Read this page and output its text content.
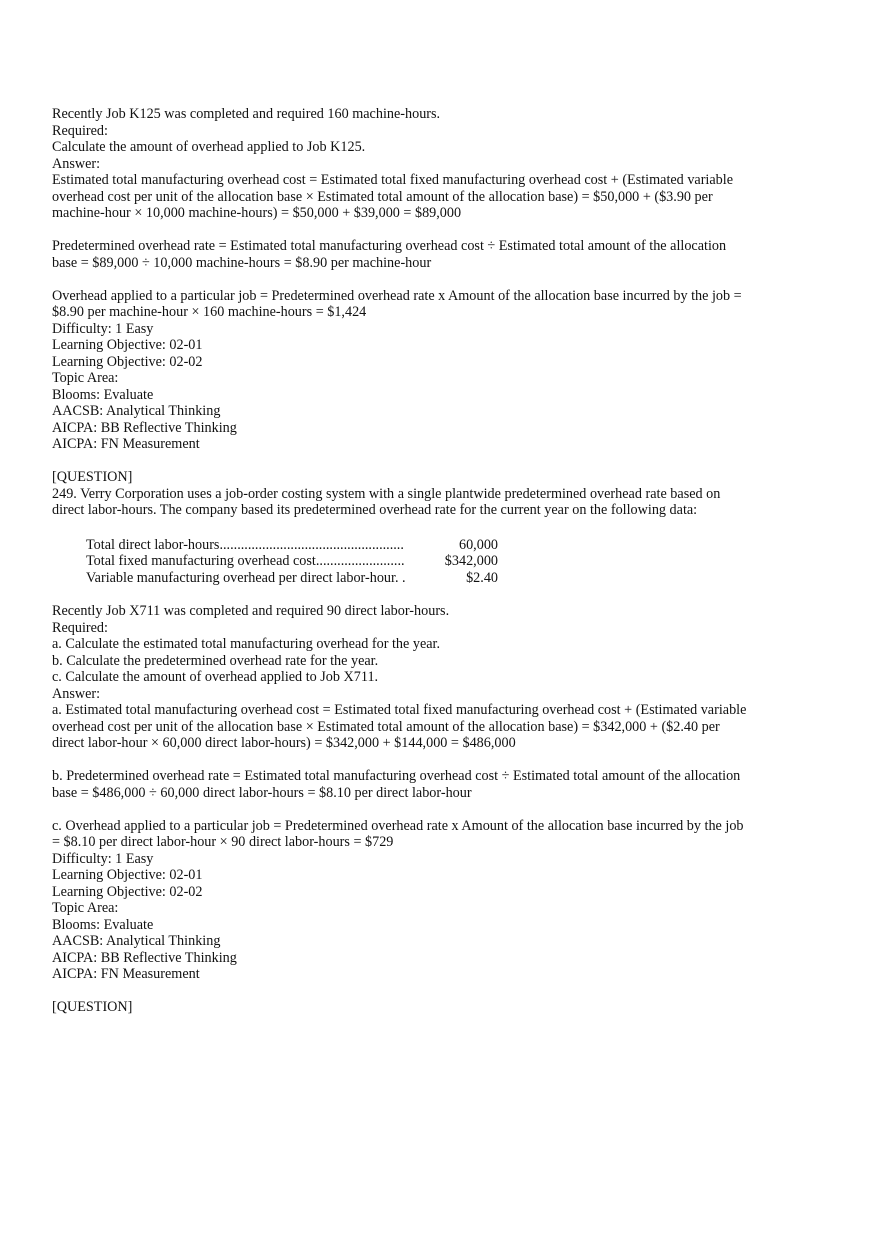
Recently Job K125 was completed and required 160 machine-hours.
Required:
Calculate the amount of overhead applied to Job K125.
Answer:
Estimated total manufacturing overhead cost = Estimated total fixed manufacturing overhead cost + (Estimated variable
overhead cost per unit of the allocation base × Estimated total amount of the allocation base) = $50,000 + ($3.90 per
machine-hour × 10,000 machine-hours) = $50,000 + $39,000 = $89,000
Predetermined overhead rate = Estimated total manufacturing overhead cost ÷ Estimated total amount of the allocation
base = $89,000 ÷ 10,000 machine-hours = $8.90 per machine-hour
Overhead applied to a particular job = Predetermined overhead rate x Amount of the allocation base incurred by the job =
$8.90 per machine-hour × 160 machine-hours = $1,424
Difficulty: 1 Easy
Learning Objective: 02-01
Learning Objective: 02-02
Topic Area:
Blooms: Evaluate
AACSB: Analytical Thinking
AICPA: BB Reflective Thinking
AICPA: FN Measurement
[QUESTION]
249. Verry Corporation uses a job-order costing system with a single plantwide predetermined overhead rate based on
direct labor-hours. The company based its predetermined overhead rate for the current year on the following data:
Total direct labor-hours....................................................	60,000
Total fixed manufacturing overhead cost.........................	$342,000
Variable manufacturing overhead per direct labor-hour. .	$2.40
Recently Job X711 was completed and required 90 direct labor-hours.
Required:
a. Calculate the estimated total manufacturing overhead for the year.
b. Calculate the predetermined overhead rate for the year.
c. Calculate the amount of overhead applied to Job X711.
Answer:
a. Estimated total manufacturing overhead cost = Estimated total fixed manufacturing overhead cost + (Estimated variable
overhead cost per unit of the allocation base × Estimated total amount of the allocation base) = $342,000 + ($2.40 per
direct labor-hour × 60,000 direct labor-hours) = $342,000 + $144,000 = $486,000
b. Predetermined overhead rate = Estimated total manufacturing overhead cost ÷ Estimated total amount of the allocation
base = $486,000 ÷ 60,000 direct labor-hours = $8.10 per direct labor-hour
c. Overhead applied to a particular job = Predetermined overhead rate x Amount of the allocation base incurred by the job
= $8.10 per direct labor-hour × 90 direct labor-hours = $729
Difficulty: 1 Easy
Learning Objective: 02-01
Learning Objective: 02-02
Topic Area:
Blooms: Evaluate
AACSB: Analytical Thinking
AICPA: BB Reflective Thinking
AICPA: FN Measurement
[QUESTION]
